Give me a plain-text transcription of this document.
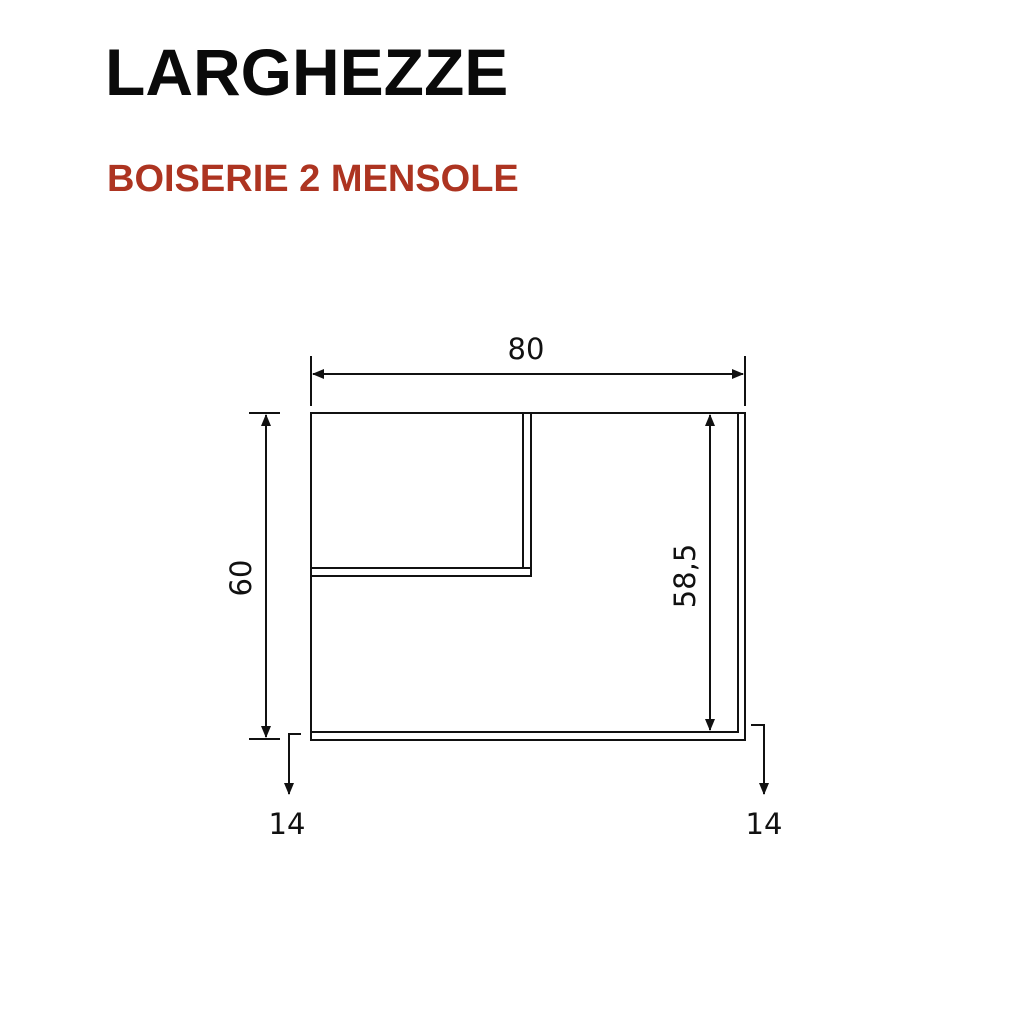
LARGHEZZE
BOISERIE 2 MENSOLE
80
60	58,5
14	14
